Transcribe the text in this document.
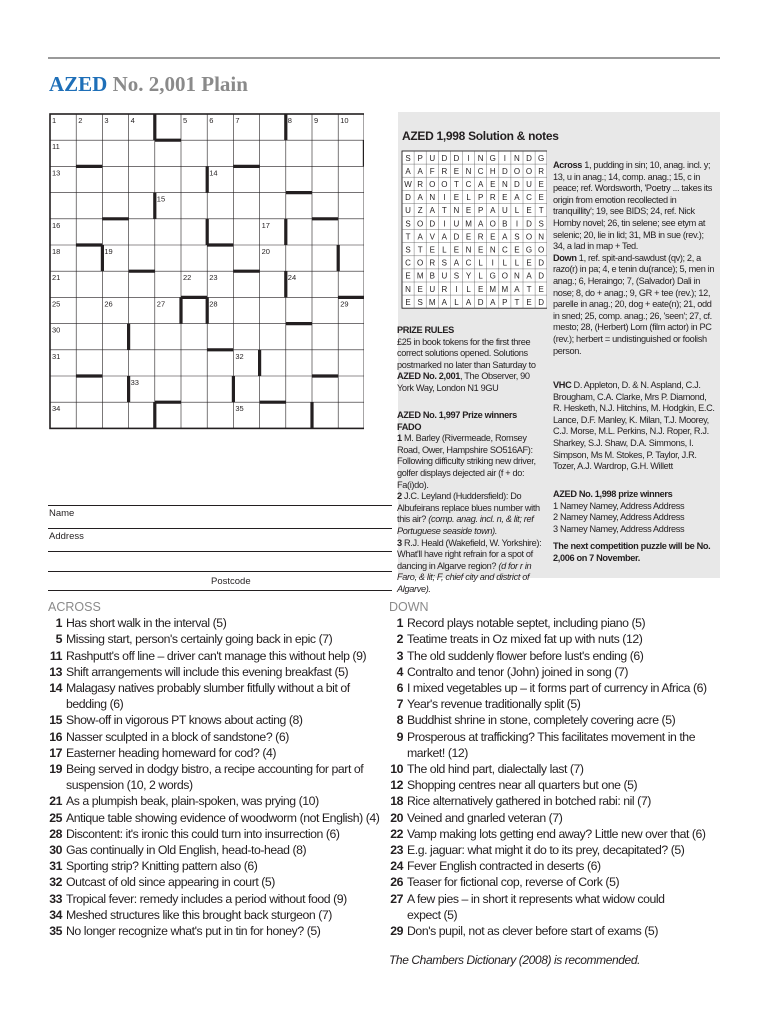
AZED No. 2,001 Plain
1	2	3	4	5	6	7	8	9	10
11
13	14
15
16	17
18	19	20
21	22 23	24
25	26	27	28	29
30
31	32
33
34	35
Name
Address
Postcode
AZED 1,998 Solution & notes
S P U D D I N G I N D G
A A F R E N C H D O O R
W R O O T C A E N D U E
D A N I E L P R E A C E
U Z A T N E P A U L E T
S O D I U M A O B I D S
T A V A D E R E A S O N
S T E L E N E N C E G O
C O R S A C L I L L E D
E M B U S Y L G O N A D
N E U R I L E M M A T E
E S M A L A D A P T E D

Across 1, pudding in sin; 10, anag. incl. y; 13, u in anag.; 14, comp. anag.; 15, c in peace; ref. Wordsworth, 'Poetry ... takes its origin from emotion recollected in tranquillity'; 19, see BIDS; 24, ref. Nick Hornby novel; 26, tin selene; see etym at selenic; 20, lie in lid; 31, MB in sue (rev.); 34, a lad in map + Ted.

Down 1, ref. spit-and-sawdust (qv); 2, a razo(r) in pa; 4, e tenin du(rance); 5, men in anag.; 6, Heraingo; 7, (Salvador) Dali in nose; 8, do + anag.; 9, GR + tee (rev.); 12, parelle in anag.; 20, dog + eate(n); 21, odd in sned; 25, comp. anag.; 26, 'seen'; 27, cf. mesto; 28, (Herbert) Lom (film actor) in PC (rev.); herbert = undistinguished or foolish person.

PRIZE RULES

£25 in book tokens for the first three correct solutions opened. Solutions postmarked no later than Saturday to AZED No. 2,001, The Observer, 90 York Way, London N1 9GU

AZED No. 1,997 Prize winners

FADO

1 M. Barley (Rivermeade, Romsey Road, Ower, Hampshire SO516AF): Following difficulty striking new driver, golfer displays dejected air (f + do: Fa(i)do).

2 J.C. Leyland (Huddersfield): Do Albufeirans replace blues number with this air? (comp. anag. incl. n, & lit; ref Portuguese seaside town).

3 R.J. Heald (Wakefield, W. Yorkshire): What'll have right refrain for a spot of dancing in Algarve region? (d for r in Faro, & lit; F, chief city and district of Algarve).

VHC D. Appleton, D. & N. Aspland, C.J. Brougham, C.A. Clarke, Mrs P. Diamond, R. Hesketh, N.J. Hitchins, M. Hodgkin, E.C. Lance, D.F. Manley, K. Milan, T.J. Moorey, C.J. Morse, M.L. Perkins, N.J. Roper, R.J. Sharkey, S.J. Shaw, D.A. Simmons, I. Simpson, Ms M. Stokes, P. Taylor, J.R. Tozer, A.J. Wardrop, G.H. Willett

AZED No. 1,998 prize winners

1 Namey Namey, Address Address

2 Namey Namey, Address Address

3 Namey Namey, Address Address

The next competition puzzle will be No. 2,006 on 7 November.

ACROSS
1 Has short walk in the interval (5)
5 Missing start, person's certainly going back in epic (7)
11 Rashputt's off line – driver can't manage this without help (9)
13 Shift arrangements will include this evening breakfast (5)
14 Malagasy natives probably slumber fitfully without a bit of
bedding (6)
15 Show-off in vigorous PT knows about acting (8)
16 Nasser sculpted in a block of sandstone? (6)
17 Easterner heading homeward for cod? (4)
19 Being served in dodgy bistro, a recipe accounting for part of
suspension (10, 2 words)
21 As a plumpish beak, plain-spoken, was prying (10)
25 Antique table showing evidence of woodworm (not English) (4)
28 Discontent: it's ironic this could turn into insurrection (6)
30 Gas continually in Old English, head-to-head (8)
31 Sporting strip? Knitting pattern also (6)
32 Outcast of old since appearing in court (5)
33 Tropical fever: remedy includes a period without food (9)
34 Meshed structures like this brought back sturgeon (7)
35 No longer recognize what's put in tin for honey? (5)
DOWN
1 Record plays notable septet, including piano (5)
2 Teatime treats in Oz mixed fat up with nuts (12)
3 The old suddenly flower before lust's ending (6)
4 Contralto and tenor (John) joined in song (7)
6 I mixed vegetables up – it forms part of currency in Africa (6)
7 Year's revenue traditionally split (5)
8 Buddhist shrine in stone, completely covering acre (5)
9 Prosperous at trafficking? This facilitates movement in the
market! (12)
10 The old hind part, dialectally last (7)
12 Shopping centres near all quarters but one (5)
18 Rice alternatively gathered in botched rabi: nil (7)
20 Veined and gnarled veteran (7)
22 Vamp making lots getting end away? Little new over that (6)
23 E.g. jaguar: what might it do to its prey, decapitated? (5)
24 Fever English contracted in deserts (6)
26 Teaser for fictional cop, reverse of Cork (5)
27 A few pies – in short it represents what widow could
expect (5)
29 Don's pupil, not as clever before start of exams (5)
The Chambers Dictionary (2008) is recommended.
